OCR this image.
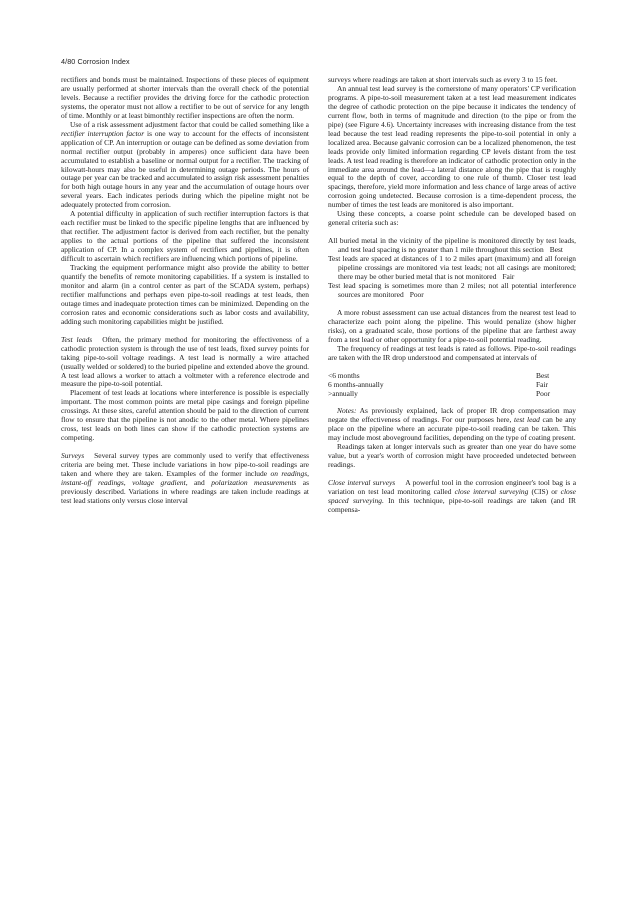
4/80 Corrosion Index

rectifiers and bonds must be maintained. Inspections of these pieces of equipment are usually performed at shorter intervals than the overall check of the potential levels. Because a rectifier provides the driving force for the cathodic protection systems, the operator must not allow a rectifier to be out of service for any length of time. Monthly or at least bimonthly rectifier inspections are often the norm.

Use of a risk assessment adjustment factor that could be called something like a rectifier interruption factor is one way to account for the effects of inconsistent application of CP. An interruption or outage can be defined as some deviation from normal rectifier output (probably in amperes) once sufficient data have been accumulated to establish a baseline or normal output for a rectifier. The tracking of kilowatt-hours may also be useful in determining outage periods. The hours of outage per year can be tracked and accumulated to assign risk assessment penalties for both high outage hours in any year and the accumulation of outage hours over several years. Each indicates periods during which the pipeline might not be adequately protected from corrosion.

A potential difficulty in application of such rectifier interruption factors is that each rectifier must be linked to the specific pipeline lengths that are influenced by that rectifier. The adjustment factor is derived from each rectifier, but the penalty applies to the actual portions of the pipeline that suffered the inconsistent application of CP. In a complex system of rectifiers and pipelines, it is often difficult to ascertain which rectifiers are influencing which portions of pipeline.

Tracking the equipment performance might also provide the ability to better quantify the benefits of remote monitoring capabilities. If a system is installed to monitor and alarm (in a control center as part of the SCADA system, perhaps) rectifier malfunctions and perhaps even pipe-to-soil readings at test leads, then outage times and inadequate protection times can be minimized. Depending on the corrosion rates and economic considerations such as labor costs and availability, adding such monitoring capabilities might be justified.

Test leads Often, the primary method for monitoring the effectiveness of a cathodic protection system is through the use of test leads, fixed survey points for taking pipe-to-soil voltage readings. A test lead is normally a wire attached (usually welded or soldered) to the buried pipeline and extended above the ground. A test lead allows a worker to attach a voltmeter with a reference electrode and measure the pipe-to-soil potential.

Placement of test leads at locations where interference is possible is especially important. The most common points are metal pipe casings and foreign pipeline crossings. At these sites, careful attention should be paid to the direction of current flow to ensure that the pipeline is not anodic to the other metal. Where pipelines cross, test leads on both lines can show if the cathodic protection systems are competing.

Surveys Several survey types are commonly used to verify that effectiveness criteria are being met. These include variations in how pipe-to-soil readings are taken and where they are taken. Examples of the former include on readings, instant-off readings, voltage gradient, and polarization measurements as previously described. Variations in where readings are taken include readings at test lead stations only versus close interval

surveys where readings are taken at short intervals such as every 3 to 15 feet.

An annual test lead survey is the cornerstone of many operators' CP verification programs. A pipe-to-soil measurement taken at a test lead measurement indicates the degree of cathodic protection on the pipe because it indicates the tendency of current flow, both in terms of magnitude and direction (to the pipe or from the pipe) (see Figure 4.6). Uncertainty increases with increasing distance from the test lead because the test lead reading represents the pipe-to-soil potential in only a localized area. Because galvanic corrosion can be a localized phenomenon, the test leads provide only limited information regarding CP levels distant from the test leads. A test lead reading is therefore an indicator of cathodic protection only in the immediate area around the lead—a lateral distance along the pipe that is roughly equal to the depth of cover, according to one rule of thumb. Closer test lead spacings, therefore, yield more information and less chance of large areas of active corrosion going undetected. Because corrosion is a time-dependent process, the number of times the test leads are monitored is also important.

Using these concepts, a coarse point schedule can be developed based on general criteria such as:

All buried metal in the vicinity of the pipeline is monitored directly by test leads, and test lead spacing is no greater than 1 mile throughout this section Best

Test leads are spaced at distances of 1 to 2 miles apart (maximum) and all foreign pipeline crossings are monitored via test leads; not all casings are monitored; there may be other buried metal that is not monitored Fair

Test lead spacing is sometimes more than 2 miles; not all potential interference sources are monitored Poor

A more robust assessment can use actual distances from the nearest test lead to characterize each point along the pipeline. This would penalize (show higher risks), on a graduated scale, those portions of the pipeline that are farthest away from a test lead or other opportunity for a pipe-to-soil potential reading.

The frequency of readings at test leads is rated as follows. Pipe-to-soil readings are taken with the IR drop understood and compensated at intervals of

<6 months	Best
6 months-annually	Fair
>annually	Poor

Notes: As previously explained, lack of proper IR drop compensation may negate the effectiveness of readings. For our purposes here, test lead can be any place on the pipeline where an accurate pipe-to-soil reading can be taken. This may include most aboveground facilities, depending on the type of coating present.

Readings taken at longer intervals such as greater than one year do have some value, but a year's worth of corrosion might have proceeded undetected between readings.

Close interval surveys A powerful tool in the corrosion engineer's tool bag is a variation on test lead monitoring called close interval surveying (CIS) or close spaced surveying. In this technique, pipe-to-soil readings are taken (and IR compensa-
